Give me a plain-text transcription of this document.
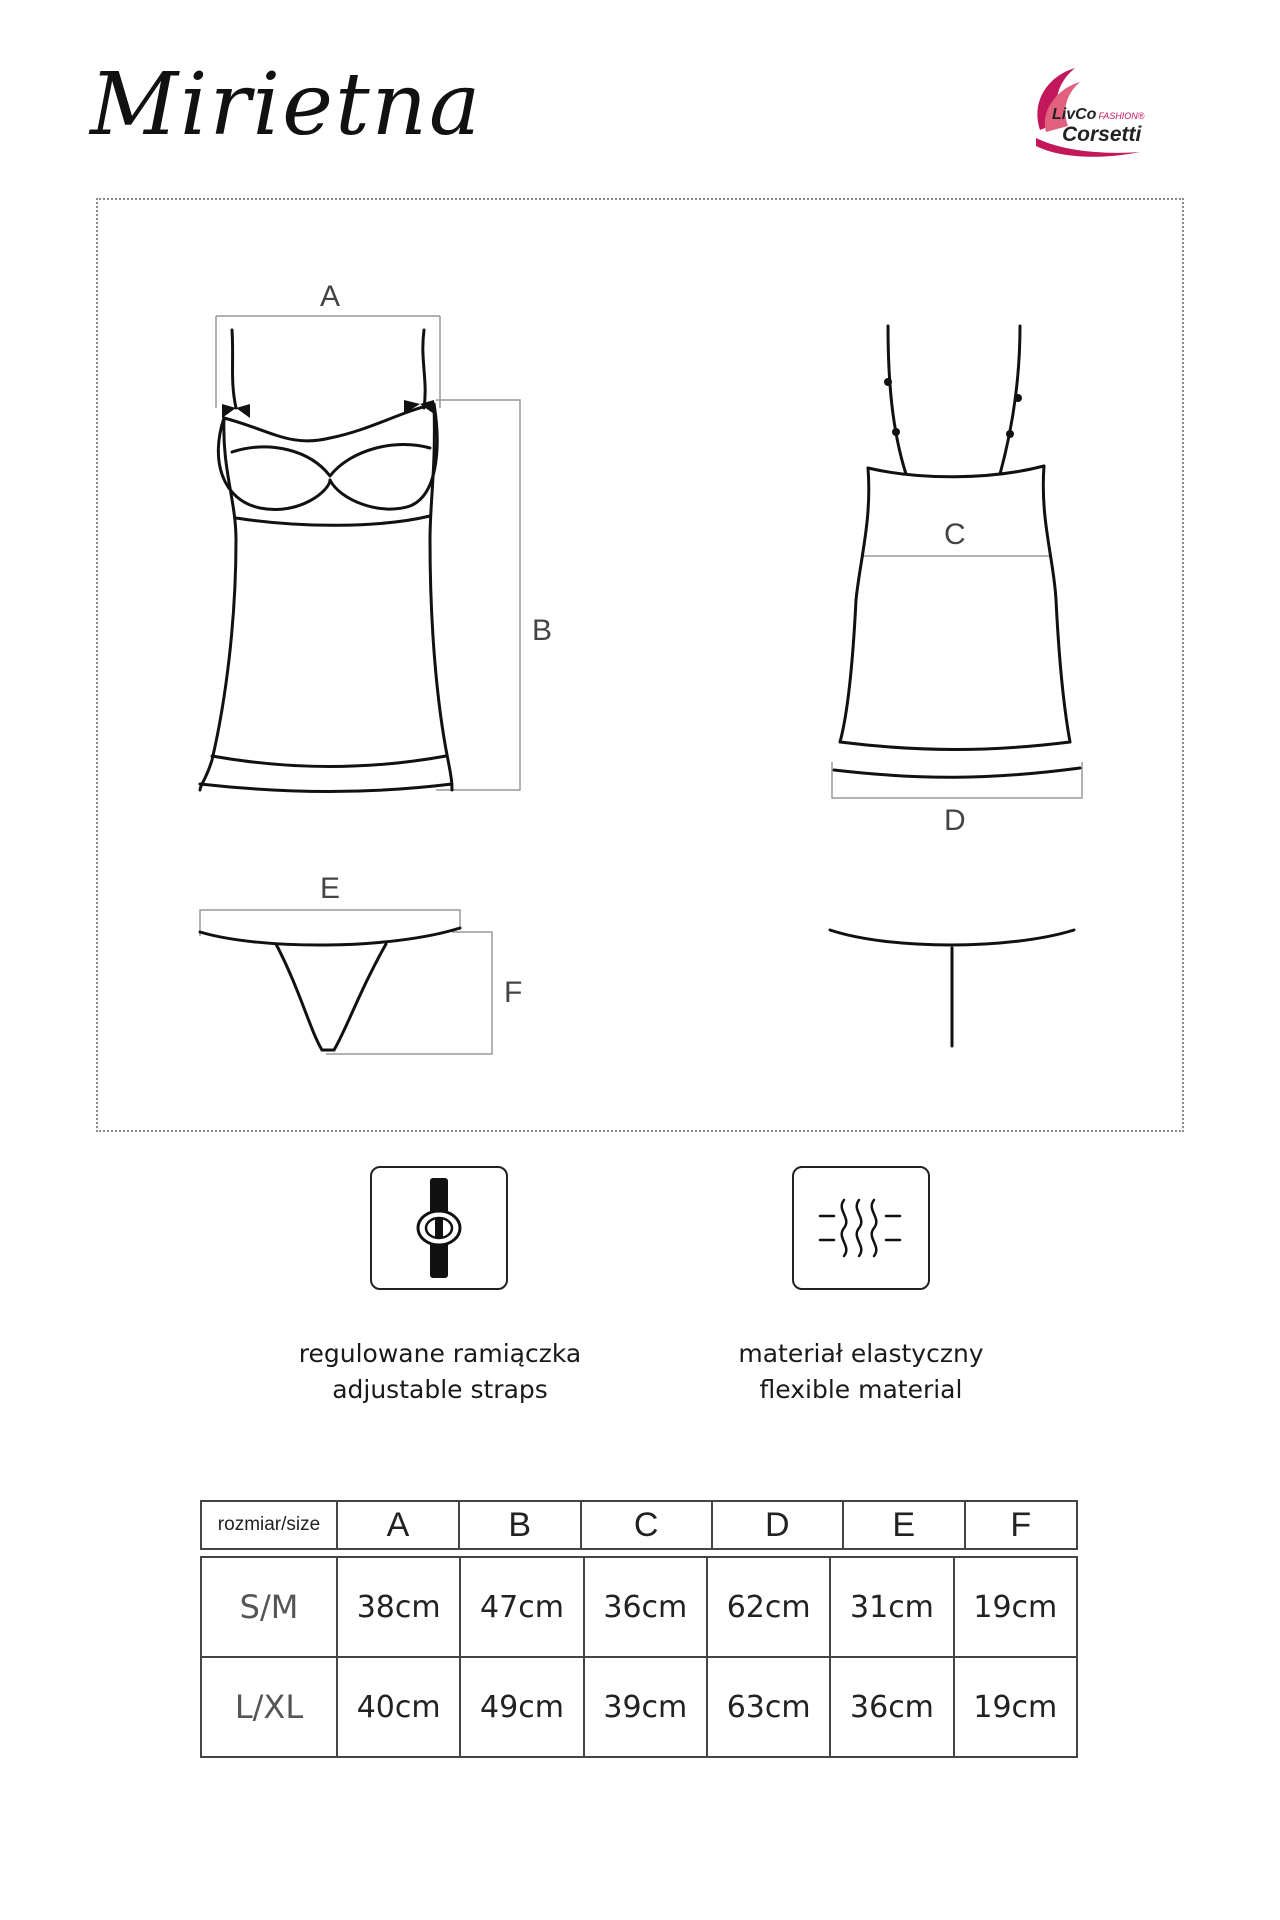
Mirietna	LivCo FASHION®
Corsetti
A
B
C
D
E
F
regulowane ramiączka
adjustable straps
materiał elastyczny
flexible material
rozmiar/size	A	B	C	D	E	F
S/M	38cm	47cm	36cm	62cm	31cm	19cm
L/XL	40cm	49cm	39cm	63cm	36cm	19cm
